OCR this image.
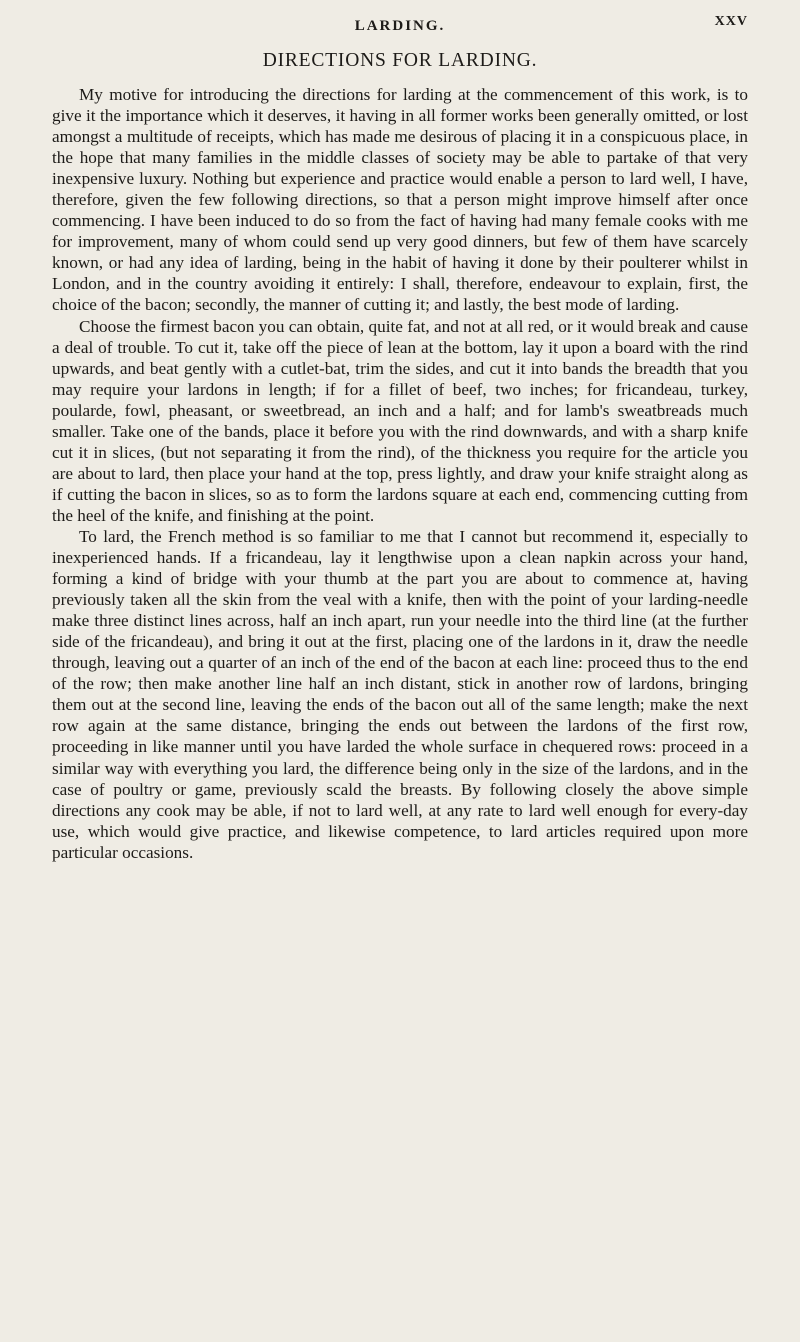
LARDING.	XXV
DIRECTIONS FOR LARDING.

My motive for introducing the directions for larding at the commencement of this work, is to give it the importance which it deserves, it having in all former works been generally omitted, or lost amongst a multitude of receipts, which has made me desirous of placing it in a conspicuous place, in the hope that many families in the middle classes of society may be able to partake of that very inexpensive luxury. Nothing but experience and practice would enable a person to lard well, I have, therefore, given the few following directions, so that a person might improve himself after once commencing. I have been induced to do so from the fact of having had many female cooks with me for improvement, many of whom could send up very good dinners, but few of them have scarcely known, or had any idea of larding, being in the habit of having it done by their poulterer whilst in London, and in the country avoiding it entirely: I shall, therefore, endeavour to explain, first, the choice of the bacon; secondly, the manner of cutting it; and lastly, the best mode of larding.

Choose the firmest bacon you can obtain, quite fat, and not at all red, or it would break and cause a deal of trouble. To cut it, take off the piece of lean at the bottom, lay it upon a board with the rind upwards, and beat gently with a cutlet-bat, trim the sides, and cut it into bands the breadth that you may require your lardons in length; if for a fillet of beef, two inches; for fricandeau, turkey, poularde, fowl, pheasant, or sweetbread, an inch and a half; and for lamb's sweatbreads much smaller. Take one of the bands, place it before you with the rind downwards, and with a sharp knife cut it in slices, (but not separating it from the rind), of the thickness you require for the article you are about to lard, then place your hand at the top, press lightly, and draw your knife straight along as if cutting the bacon in slices, so as to form the lardons square at each end, commencing cutting from the heel of the knife, and finishing at the point.

To lard, the French method is so familiar to me that I cannot but recommend it, especially to inexperienced hands. If a fricandeau, lay it lengthwise upon a clean napkin across your hand, forming a kind of bridge with your thumb at the part you are about to commence at, having previously taken all the skin from the veal with a knife, then with the point of your larding-needle make three distinct lines across, half an inch apart, run your needle into the third line (at the further side of the fricandeau), and bring it out at the first, placing one of the lardons in it, draw the needle through, leaving out a quarter of an inch of the end of the bacon at each line: proceed thus to the end of the row; then make another line half an inch distant, stick in another row of lardons, bringing them out at the second line, leaving the ends of the bacon out all of the same length; make the next row again at the same distance, bringing the ends out between the lardons of the first row, proceeding in like manner until you have larded the whole surface in chequered rows: proceed in a similar way with everything you lard, the difference being only in the size of the lardons, and in the case of poultry or game, previously scald the breasts. By following closely the above simple directions any cook may be able, if not to lard well, at any rate to lard well enough for every-day use, which would give practice, and likewise competence, to lard articles required upon more particular occasions.
